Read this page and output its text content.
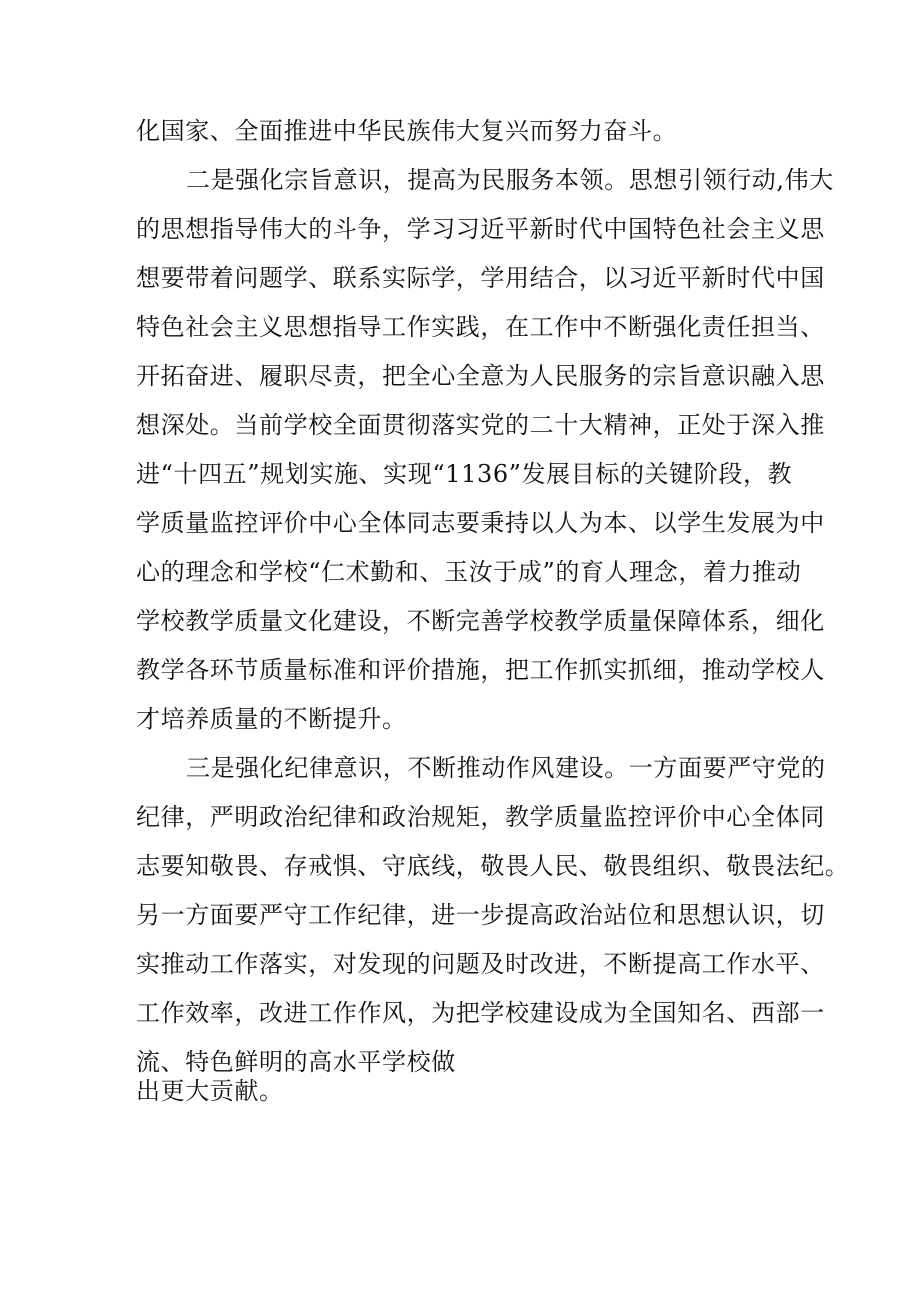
化国家、全面推进中华民族伟大复兴而努力奋斗。
二是强化宗旨意识，提高为民服务本领。思想引领行动,伟大
的思想指导伟大的斗争，学习习近平新时代中国特色社会主义思
想要带着问题学、联系实际学，学用结合，以习近平新时代中国
特色社会主义思想指导工作实践，在工作中不断强化责任担当、
开拓奋进、履职尽责，把全心全意为人民服务的宗旨意识融入思
想深处。当前学校全面贯彻落实党的二十大精神，正处于深入推
进“十四五”规划实施、实现“1136”发展目标的关键阶段，教
学质量监控评价中心全体同志要秉持以人为本、以学生发展为中
心的理念和学校“仁术勤和、玉汝于成”的育人理念，着力推动
学校教学质量文化建设，不断完善学校教学质量保障体系，细化
教学各环节质量标准和评价措施，把工作抓实抓细，推动学校人
才培养质量的不断提升。
三是强化纪律意识，不断推动作风建设。一方面要严守党的
纪律，严明政治纪律和政治规矩，教学质量监控评价中心全体同
志要知敬畏、存戒惧、守底线，敬畏人民、敬畏组织、敬畏法纪。
另一方面要严守工作纪律，进一步提高政治站位和思想认识，切
实推动工作落实，对发现的问题及时改进，不断提高工作水平、
工作效率，改进工作作风，为把学校建设成为全国知名、西部一
流、特色鲜明的高水平学校做
出更大贡献。
